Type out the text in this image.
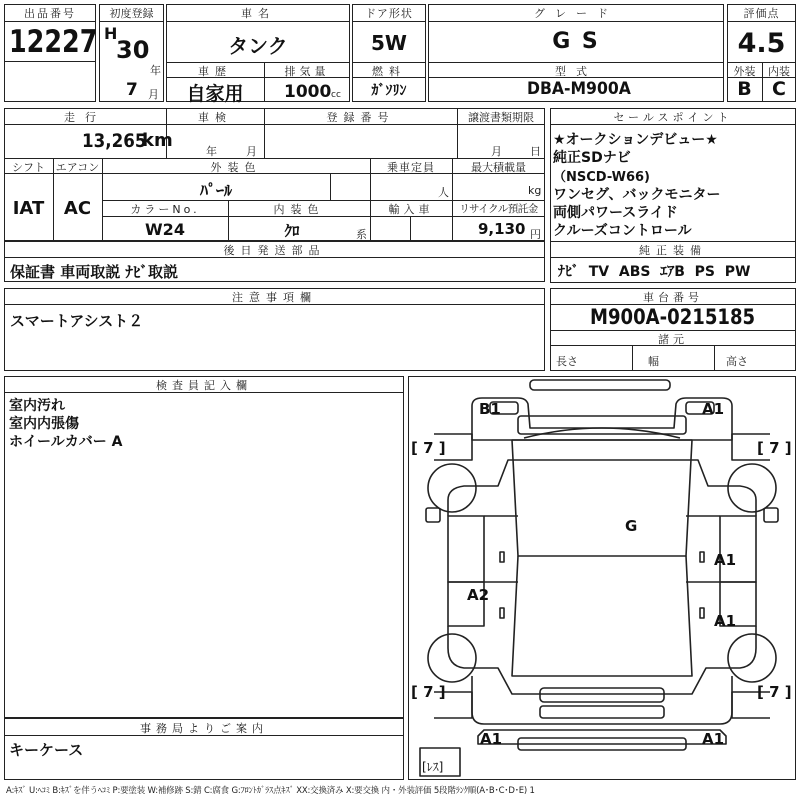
出品番号
12227
初度登録
H
30
年
7 月
車名
タンク
車歴
自家用
排気量
1000 cc
ドア形状
5W
燃料
ｶﾞｿﾘﾝ
グレード
G S
型式
DBA-M900A
評価点
4.5
外装	内装
B	C
走行
13,265
km
車検
年	月
登録番号	譲渡書類期限
月	日
シフト
IAT
エアコン
AC
外装色
ﾊﾟｰﾙ
乗車定員
人
最大積載量
kg
カラーNo.
W24
内装色
ｸﾛ	系
輸入車	リサイクル預託金
9,130 円
後日発送部品
保証書 車両取説 ﾅﾋﾞ取説
注意事項欄
スマートアシスト２
セールスポイント
★オークションデビュー★
純正SDナビ
（NSCD-W66)
ワンセグ、バックモニター
両側パワースライド
クルーズコントロール
純正装備
ﾅﾋﾞ  TV  ABS  ｴｱB  PS  PW
車台番号
M900A-0215185
諸元
長さ	幅	高さ
検査員記入欄
室内汚れ
室内内張傷
ホイールカバー A
事務局よりご案内
キーケース
B1	A1
G
A1
A2
A1
A1	A1
[ 7 ]	[ 7 ]
[ 7 ]	[ 7 ]
[ﾚｽ]
A:ｷｽﾞ U:ﾍｺﾐ B:ｷｽﾞを伴うﾍｺﾐ P:要塗装 W:補修跡 S:錆 C:腐食 G:ﾌﾛﾝﾄｶﾞﾗｽ点ｷｽﾞ XX:交換済み X:要交換 内・外装評価 5段階ﾗﾝｸ順(A･B･C･D･E) 1
